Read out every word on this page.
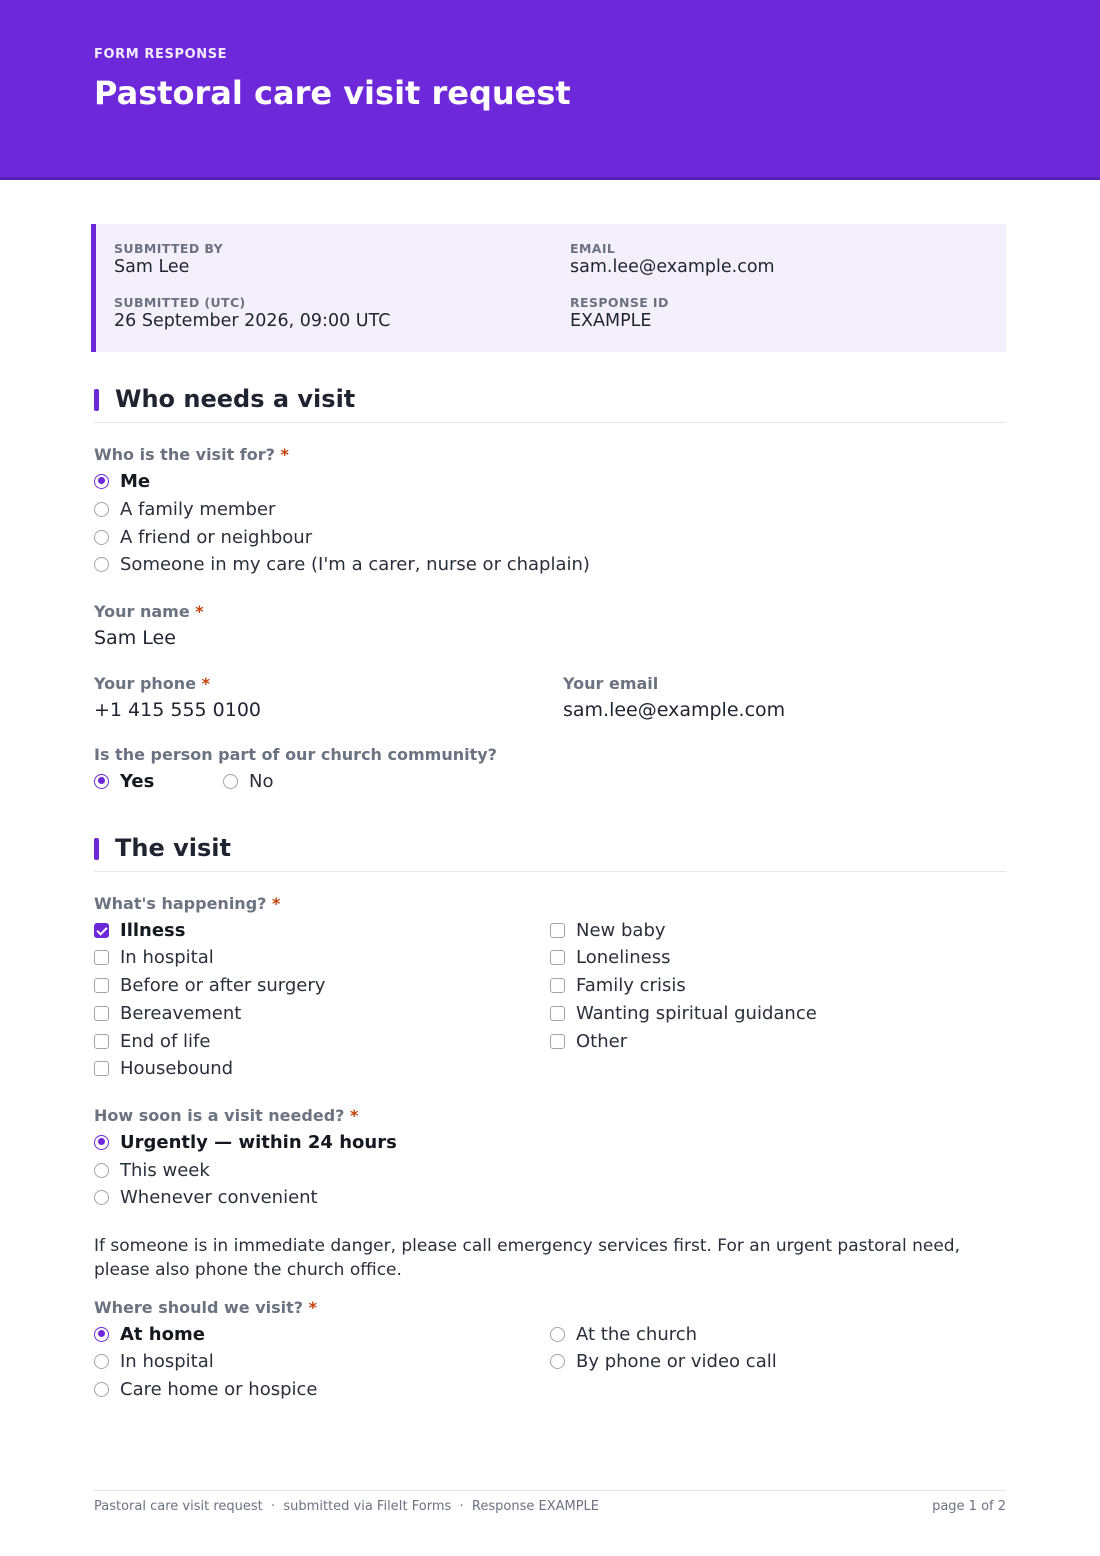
FORM RESPONSE
Pastoral care visit request
SUBMITTED BY
Sam Lee
EMAIL
sam.lee@example.com
SUBMITTED (UTC)
26 September 2026, 09:00 UTC
RESPONSE ID
EXAMPLE
Who needs a visit
Who is the visit for? *
Me
A family member
A friend or neighbour
Someone in my care (I'm a carer, nurse or chaplain)
Your name *
Sam Lee
Your phone *
+1 415 555 0100
Your email
sam.lee@example.com
Is the person part of our church community?
Yes	No
The visit
What's happening? *
Illness
In hospital
Before or after surgery
Bereavement
End of life
Housebound
New baby
Loneliness
Family crisis
Wanting spiritual guidance
Other
How soon is a visit needed? *
Urgently — within 24 hours
This week
Whenever convenient
If someone is in immediate danger, please call emergency services first. For an urgent pastoral need, please also phone the church office.
Where should we visit? *
At home
In hospital
Care home or hospice
At the church
By phone or video call
Pastoral care visit request  ·  submitted via FileIt Forms  ·  Response EXAMPLE	page 1 of 2
